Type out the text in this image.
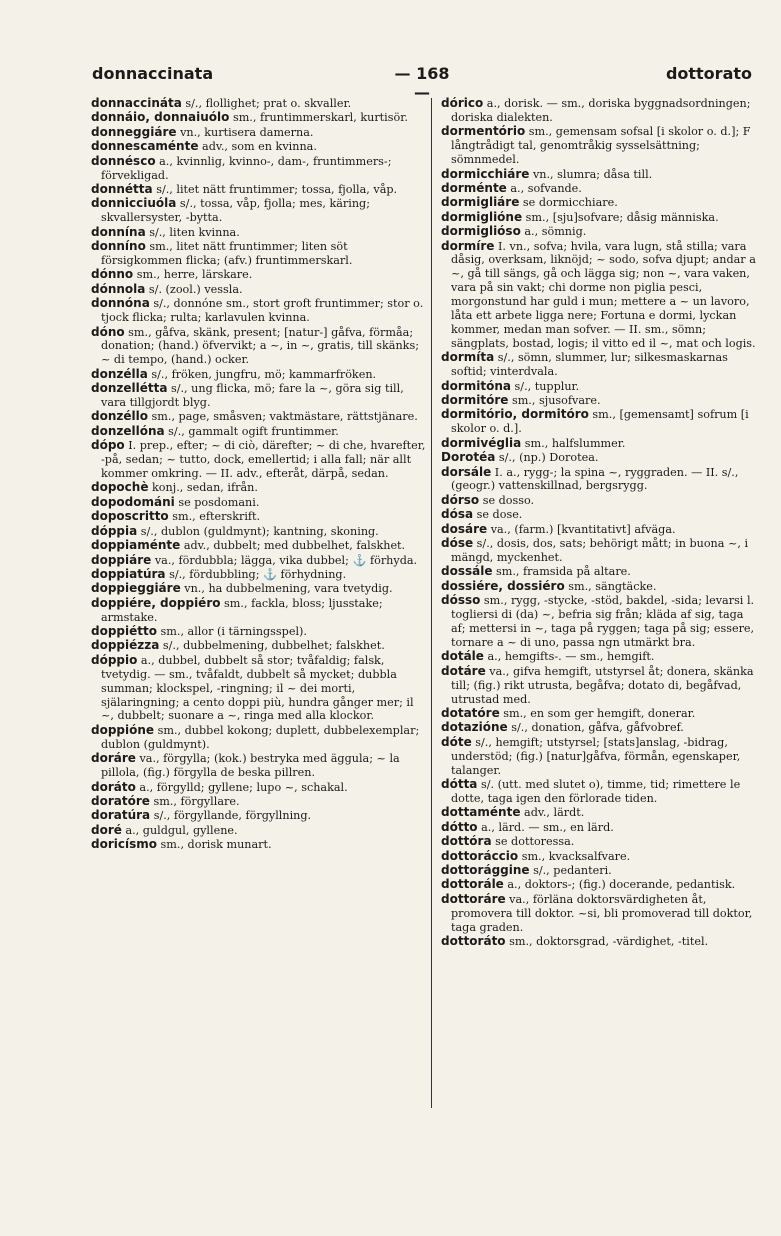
donnaccinata	— 168 —
dottorato

donnaccináta s/., flollighet; prat o. skvaller.

donnáio, donnaiuólo sm., fruntimmerskarl, kurtisör.

donneggiáre vn., kurtisera damerna.

donnescaménte adv., som en kvinna.

donnésco a., kvinnlig, kvinno-, dam-, fruntimmers-; förvekligad.

donnétta s/., litet nätt fruntimmer; tossa, fjolla, våp.

donnicciuóla s/., tossa, våp, fjolla; mes, käring; skvallersyster, -bytta.

donnína s/., liten kvinna.

donníno sm., litet nätt fruntimmer; liten söt försigkommen flicka; (afv.) fruntimmerskarl.

dónno sm., herre, lärskare.

dónnola s/. (zool.) vessla.

donnóna s/., donnóne sm., stort groft fruntimmer; stor o. tjock flicka; rulta; karlavulen kvinna.

dóno sm., gåfva, skänk, present; [natur-] gåfva, förmåa; donation; (hand.) öfvervikt; a ~, in ~, gratis, till skänks; ~ di tempo, (hand.) ocker.

donzélla s/., fröken, jungfru, mö; kammarfröken.

donzellétta s/., ung flicka, mö; fare la ~, göra sig till, vara tillgjordt blyg.

donzéllo sm., page, småsven; vaktmästare, rättstjänare.

donzellóna s/., gammalt ogift fruntimmer.

dópo I. prep., efter; ~ di ciò, därefter; ~ di che, hvarefter, -på, sedan; ~ tutto, dock, emellertid; i alla fall; när allt kommer omkring. — II. adv., efteråt, därpå, sedan.

dopochè konj., sedan, ifrån.

dopodománi se posdomani.

doposcritto sm., efterskrift.

dóppia s/., dublon (guldmynt); kantning, skoning.

doppiaménte adv., dubbelt; med dubbelhet, falskhet.

doppiáre va., fördubbla; lägga, vika dubbel; ⚓ förhyda.

doppiatúra s/., fördubbling; ⚓ förhydning.

doppieggiáre vn., ha dubbelmening, vara tvetydig.

doppiére, doppiéro sm., fackla, bloss; ljusstake; armstake.

doppiétto sm., allor (i tärningsspel).

doppiézza s/., dubbelmening, dubbelhet; falskhet.

dóppio a., dubbel, dubbelt så stor; tvåfaldig; falsk, tvetydig. — sm., tvåfaldt, dubbelt så mycket; dubbla summan; klockspel, -ringning; il ~ dei morti, själaringning; a cento doppi più, hundra gånger mer; il ~, dubbelt; suonare a ~, ringa med alla klockor.

doppióne sm., dubbel kokong; duplett, dubbelexemplar; dublon (guldmynt).

doráre va., förgylla; (kok.) bestryka med äggula; ~ la pillola, (fig.) förgylla de beska pillren.

doráto a., förgylld; gyllene; lupo ~, schakal.

doratóre sm., förgyllare.

doratúra s/., förgyllande, förgyllning.

doré a., guldgul, gyllene.

doricísmo sm., dorisk munart.

dórico a., dorisk. — sm., doriska byggnadsordningen; doriska dialekten.

dormentório sm., gemensam sofsal [i skolor o. d.]; F långtrådigt tal, genomtråkig sysselsättning; sömnmedel.

dormicchiáre vn., slumra; dåsa till.

dorménte a., sofvande.

dormigliáre se dormicchiare.

dormiglióne sm., [sju]sofvare; dåsig människa.

dormiglióso a., sömnig.

dormíre I. vn., sofva; hvila, vara lugn, stå stilla; vara dåsig, overksam, liknöjd; ~ sodo, sofva djupt; andar a ~, gå till sängs, gå och lägga sig; non ~, vara vaken, vara på sin vakt; chi dorme non piglia pesci, morgonstund har guld i mun; mettere a ~ un lavoro, låta ett arbete ligga nere; Fortuna e dormi, lyckan kommer, medan man sofver. — II. sm., sömn; sängplats, bostad, logis; il vitto ed il ~, mat och logis.

dormíta s/., sömn, slummer, lur; silkesmaskarnas softid; vinterdvala.

dormitóna s/., tupplur.

dormitóre sm., sjusofvare.

dormitório, dormitóro sm., [gemensamt] sofrum [i skolor o. d.].

dormivéglia sm., halfslummer.

Dorotéa s/., (np.) Dorotea.

dorsále I. a., rygg-; la spina ~, ryggraden. — II. s/., (geogr.) vattenskillnad, bergsrygg.

dórso se dosso.

dósa se dose.

dosáre va., (farm.) [kvantitativt] afväga.

dóse s/., dosis, dos, sats; behörigt mått; in buona ~, i mängd, myckenhet.

dossále sm., framsida på altare.

dossiére, dossiéro sm., sängtäcke.

dósso sm., rygg, -stycke, -stöd, bakdel, -sida; levarsi l. togliersi di (da) ~, befria sig från; kläda af sig, taga af; mettersi in ~, taga på ryggen; taga på sig; essere, tornare a ~ di uno, passa ngn utmärkt bra.

dotále a., hemgifts-. — sm., hemgift.

dotáre va., gifva hemgift, utstyrsel åt; donera, skänka till; (fig.) rikt utrusta, begåfva; dotato di, begåfvad, utrustad med.

dotatóre sm., en som ger hemgift, donerar.

dotazióne s/., donation, gåfva, gåfvobref.

dóte s/., hemgift; utstyrsel; [stats]anslag, -bidrag, understöd; (fig.) [natur]gåfva, förmån, egenskaper, talanger.

dótta s/. (utt. med slutet o), timme, tid; rimettere le dotte, taga igen den förlorade tiden.

dottaménte adv., lärdt.

dótto a., lärd. — sm., en lärd.

dottóra se dottoressa.

dottoráccio sm., kvacksalfvare.

dottorággine s/., pedanteri.

dottorále a., doktors-; (fig.) docerande, pedantisk.

dottoráre va., förläna doktorsvärdigheten åt, promovera till doktor. ~si, bli promoverad till doktor, taga graden.

dottoráto sm., doktorsgrad, -värdighet, -titel.
